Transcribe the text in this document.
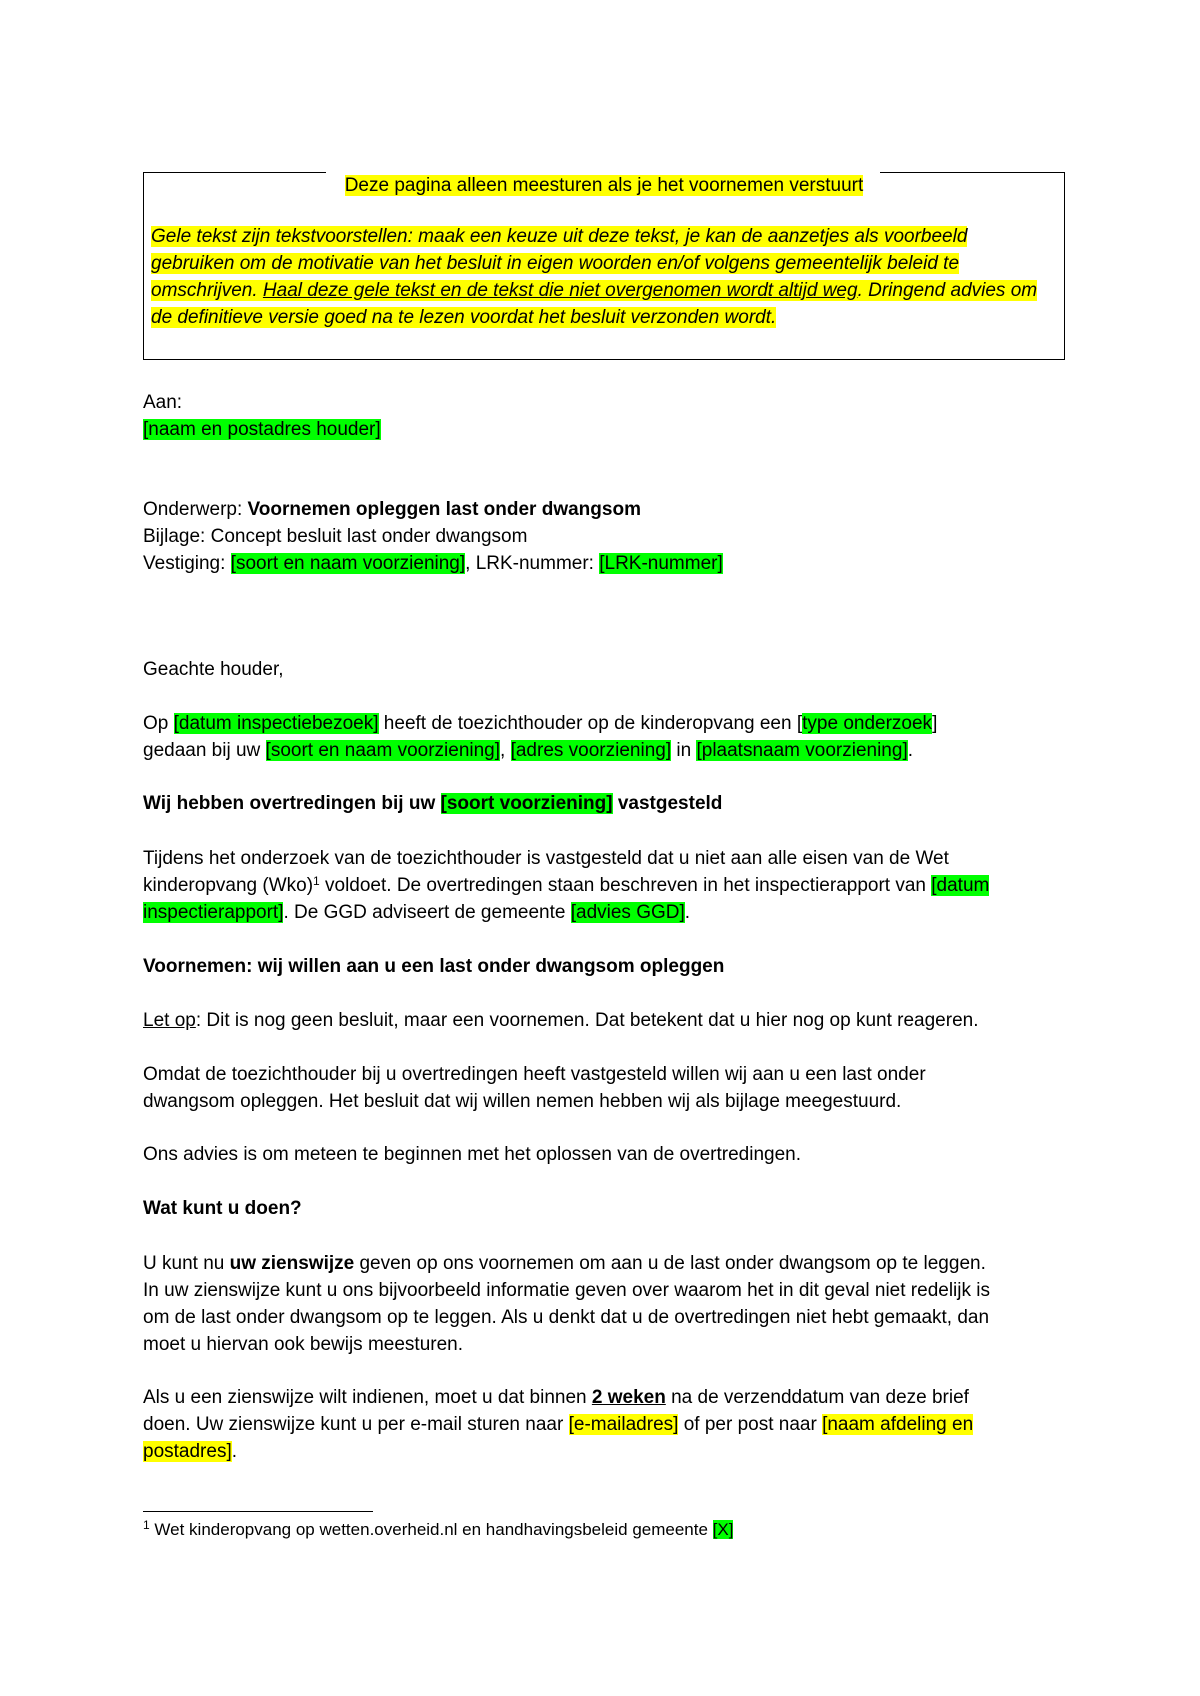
Deze pagina alleen meesturen als je het voornemen verstuurt
Gele tekst zijn tekstvoorstellen: maak een keuze uit deze tekst, je kan de aanzetjes als voorbeeld gebruiken om de motivatie van het besluit in eigen woorden en/of volgens gemeentelijk beleid te omschrijven. Haal deze gele tekst en de tekst die niet overgenomen wordt altijd weg. Dringend advies om de definitieve versie goed na te lezen voordat het besluit verzonden wordt.
Aan:
[naam en postadres houder]
Onderwerp: Voornemen opleggen last onder dwangsom
Bijlage: Concept besluit last onder dwangsom
Vestiging: [soort en naam voorziening], LRK-nummer: [LRK-nummer]
Geachte houder,
Op [datum inspectiebezoek] heeft de toezichthouder op de kinderopvang een [type onderzoek]
gedaan bij uw [soort en naam voorziening], [adres voorziening] in [plaatsnaam voorziening].
Wij hebben overtredingen bij uw [soort voorziening] vastgesteld
Tijdens het onderzoek van de toezichthouder is vastgesteld dat u niet aan alle eisen van de Wet
kinderopvang (Wko)$^1$ voldoet. De overtredingen staan beschreven in het inspectierapport van [datum
inspectierapport]. De GGD adviseert de gemeente [advies GGD].
Voornemen: wij willen aan u een last onder dwangsom opleggen
Let op: Dit is nog geen besluit, maar een voornemen. Dat betekent dat u hier nog op kunt reageren.
Omdat de toezichthouder bij u overtredingen heeft vastgesteld willen wij aan u een last onder
dwangsom opleggen. Het besluit dat wij willen nemen hebben wij als bijlage meegestuurd.
Ons advies is om meteen te beginnen met het oplossen van de overtredingen.
Wat kunt u doen?
U kunt nu uw zienswijze geven op ons voornemen om aan u de last onder dwangsom op te leggen.
In uw zienswijze kunt u ons bijvoorbeeld informatie geven over waarom het in dit geval niet redelijk is
om de last onder dwangsom op te leggen. Als u denkt dat u de overtredingen niet hebt gemaakt, dan
moet u hiervan ook bewijs meesturen.
Als u een zienswijze wilt indienen, moet u dat binnen 2 weken na de verzenddatum van deze brief
doen. Uw zienswijze kunt u per e-mail sturen naar [e-mailadres] of per post naar [naam afdeling en
postadres].
$^1$ Wet kinderopvang op wetten.overheid.nl en handhavingsbeleid gemeente [X]
